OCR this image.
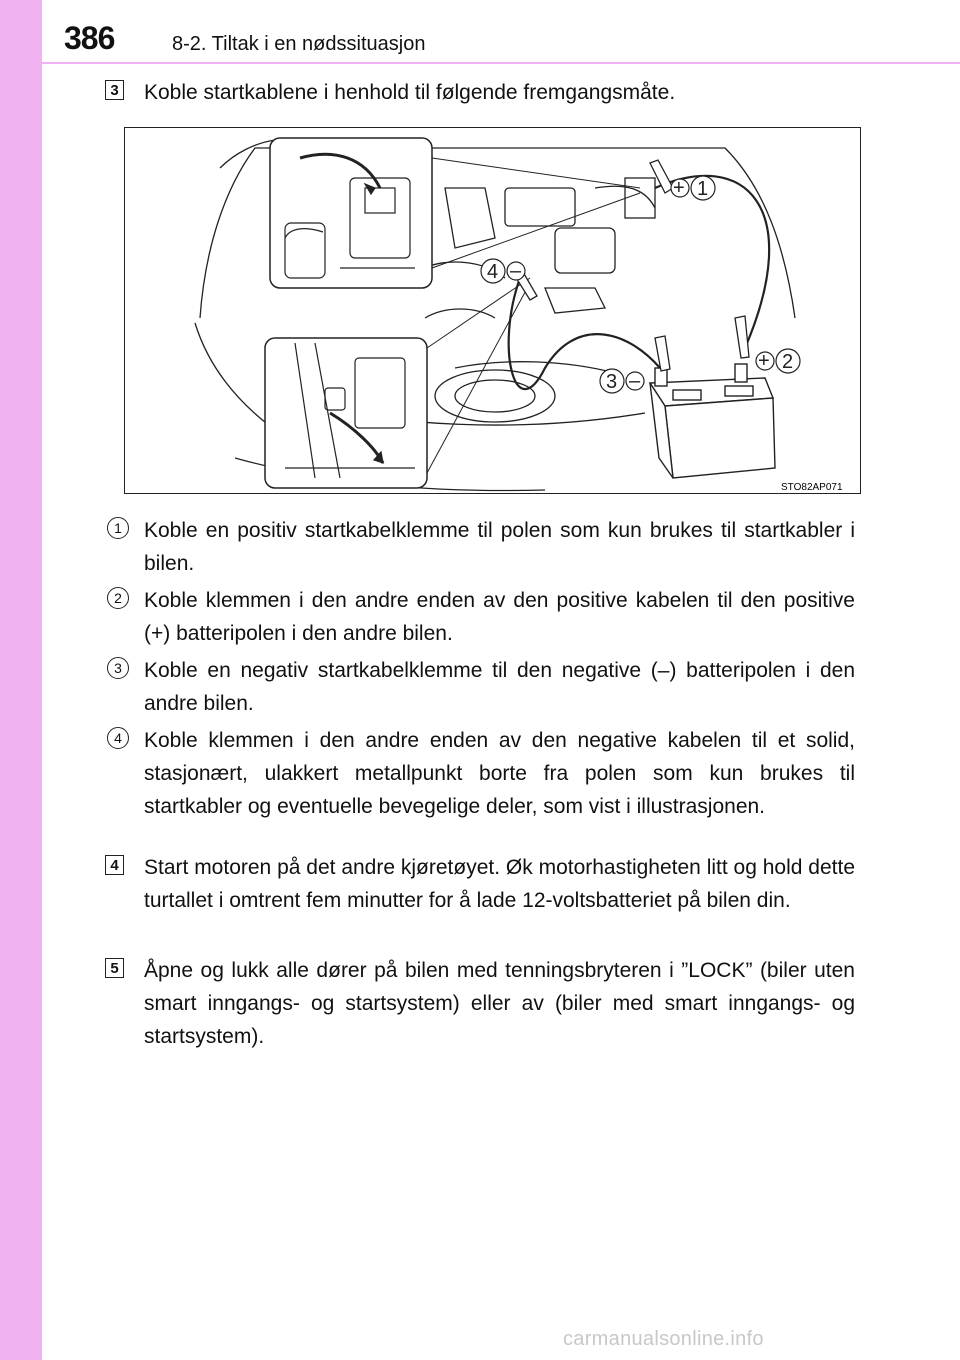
386	8-2. Tiltak i en nødssituasjon
3 Koble startkablene i henhold til følgende fremgangsmåte.

+ 1
+ 2
3 –
4 –
STO82AP071
1	Koble en positiv startkabelklemme til polen som kun brukes til startkabler i bilen.

2	Koble klemmen i den andre enden av den positive kabelen til den positive (+) batteripolen i den andre bilen.

3	Koble en negativ startkabelklemme til den negative (–) batteripolen i den andre bilen.

4	Koble klemmen i den andre enden av den negative kabelen til et solid, stasjonært, ulakkert metallpunkt borte fra polen som kun brukes til startkabler og eventuelle bevegelige deler, som vist i illustrasjonen.

4 Start motoren på det andre kjøretøyet. Øk motorhastigheten litt og hold dette turtallet i omtrent fem minutter for å lade 12-voltsbatteriet på bilen din.

5 Åpne og lukk alle dører på bilen med tenningsbryteren i ”LOCK” (biler uten smart inngangs- og startsystem) eller av (biler med smart inngangs- og startsystem).

carmanualsonline.info
